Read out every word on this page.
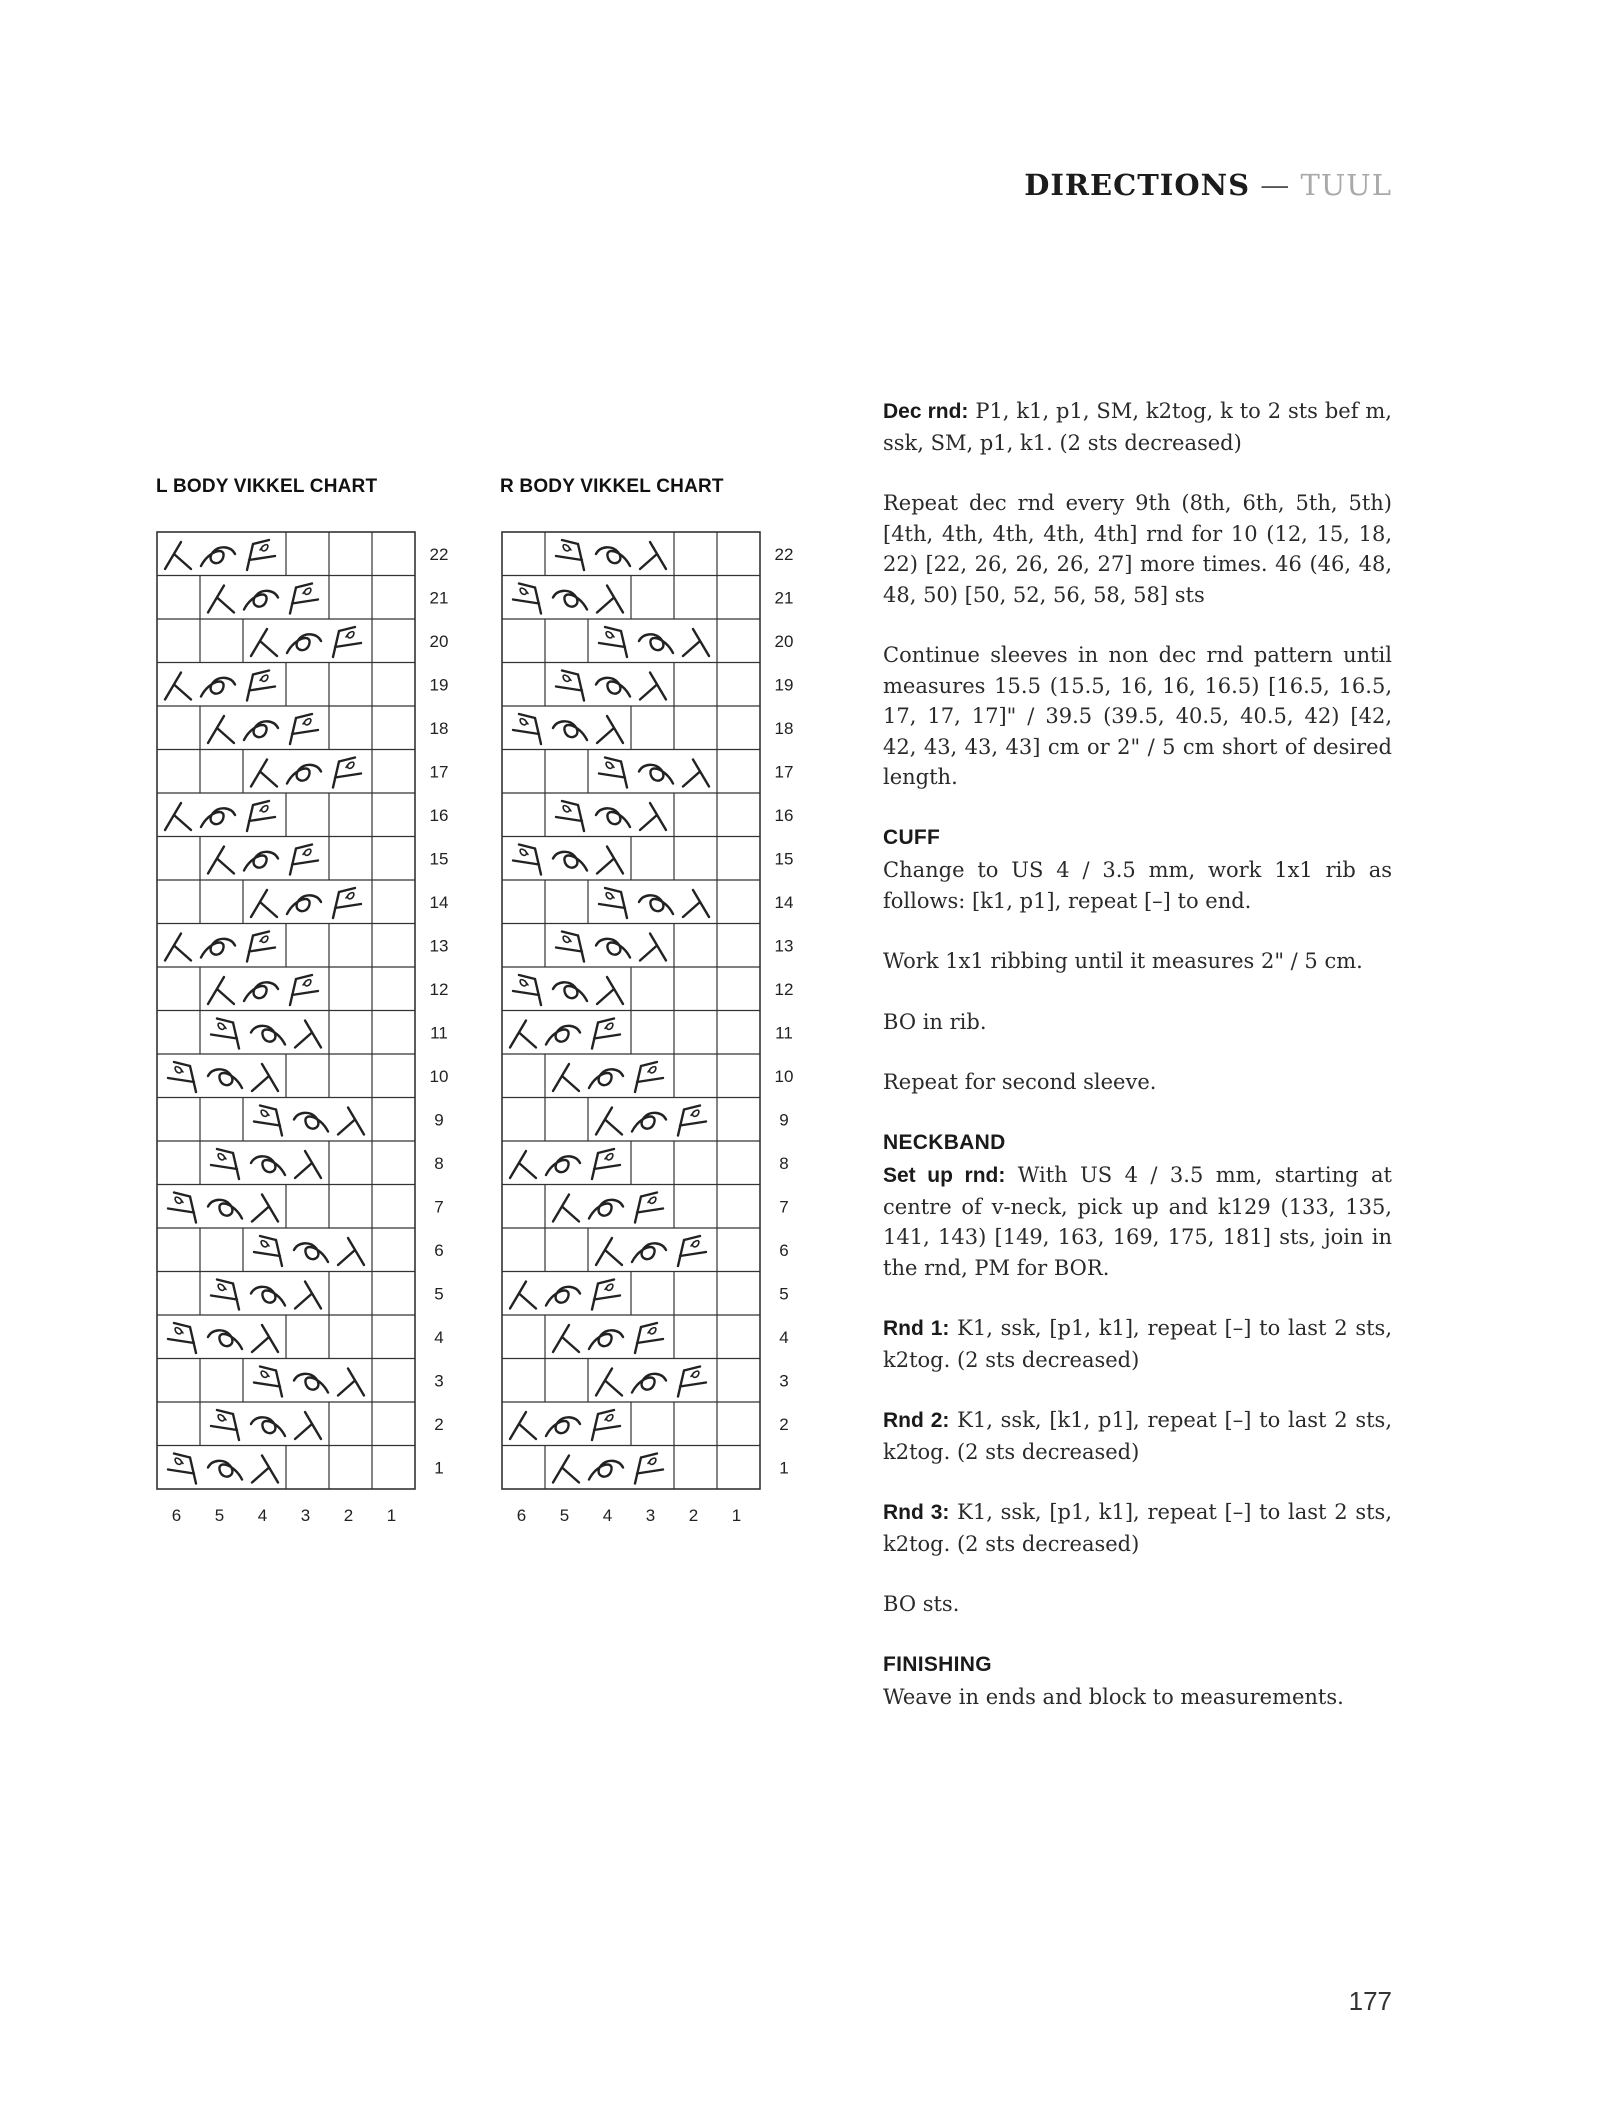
DIRECTIONS — TUUL
L BODY VIKKEL CHART	R BODY VIKKEL CHART
22
21
20
19
18
17
16
15
14
13
12
11
10
9
8
7
6
5
4
3
2
1
6 5 4 3 2 1
22
21
20
19
18
17
16
15
14
13
12
11
10
9
8
7
6
5
4
3
2
1
6 5 4 3 2 1

Dec rnd: P1, k1, p1, SM, k2tog, k to 2 sts bef m, ssk, SM, p1, k1. (2 sts decreased)

Repeat dec rnd every 9th (8th, 6th, 5th, 5th) [4th, 4th, 4th, 4th, 4th] rnd for 10 (12, 15, 18, 22) [22, 26, 26, 26, 27] more times. 46 (46, 48, 48, 50) [50, 52, 56, 58, 58] sts

Continue sleeves in non dec rnd pattern until measures 15.5 (15.5, 16, 16, 16.5) [16.5, 16.5, 17, 17, 17]" / 39.5 (39.5, 40.5, 40.5, 42) [42, 42, 43, 43, 43] cm or 2" / 5 cm short of desired length.

CUFF

Change to US 4 / 3.5 mm, work 1x1 rib as follows: [k1, p1], repeat [–] to end.

Work 1x1 ribbing until it measures 2" / 5 cm.

BO in rib.

Repeat for second sleeve.

NECKBAND

Set up rnd: With US 4 / 3.5 mm, starting at centre of v-neck, pick up and k129 (133, 135, 141, 143) [149, 163, 169, 175, 181] sts, join in the rnd, PM for BOR.

Rnd 1: K1, ssk, [p1, k1], repeat [–] to last 2 sts, k2tog. (2 sts decreased)

Rnd 2: K1, ssk, [k1, p1], repeat [–] to last 2 sts, k2tog. (2 sts decreased)

Rnd 3: K1, ssk, [p1, k1], repeat [–] to last 2 sts, k2tog. (2 sts decreased)

BO sts.

FINISHING

Weave in ends and block to measurements.

177
